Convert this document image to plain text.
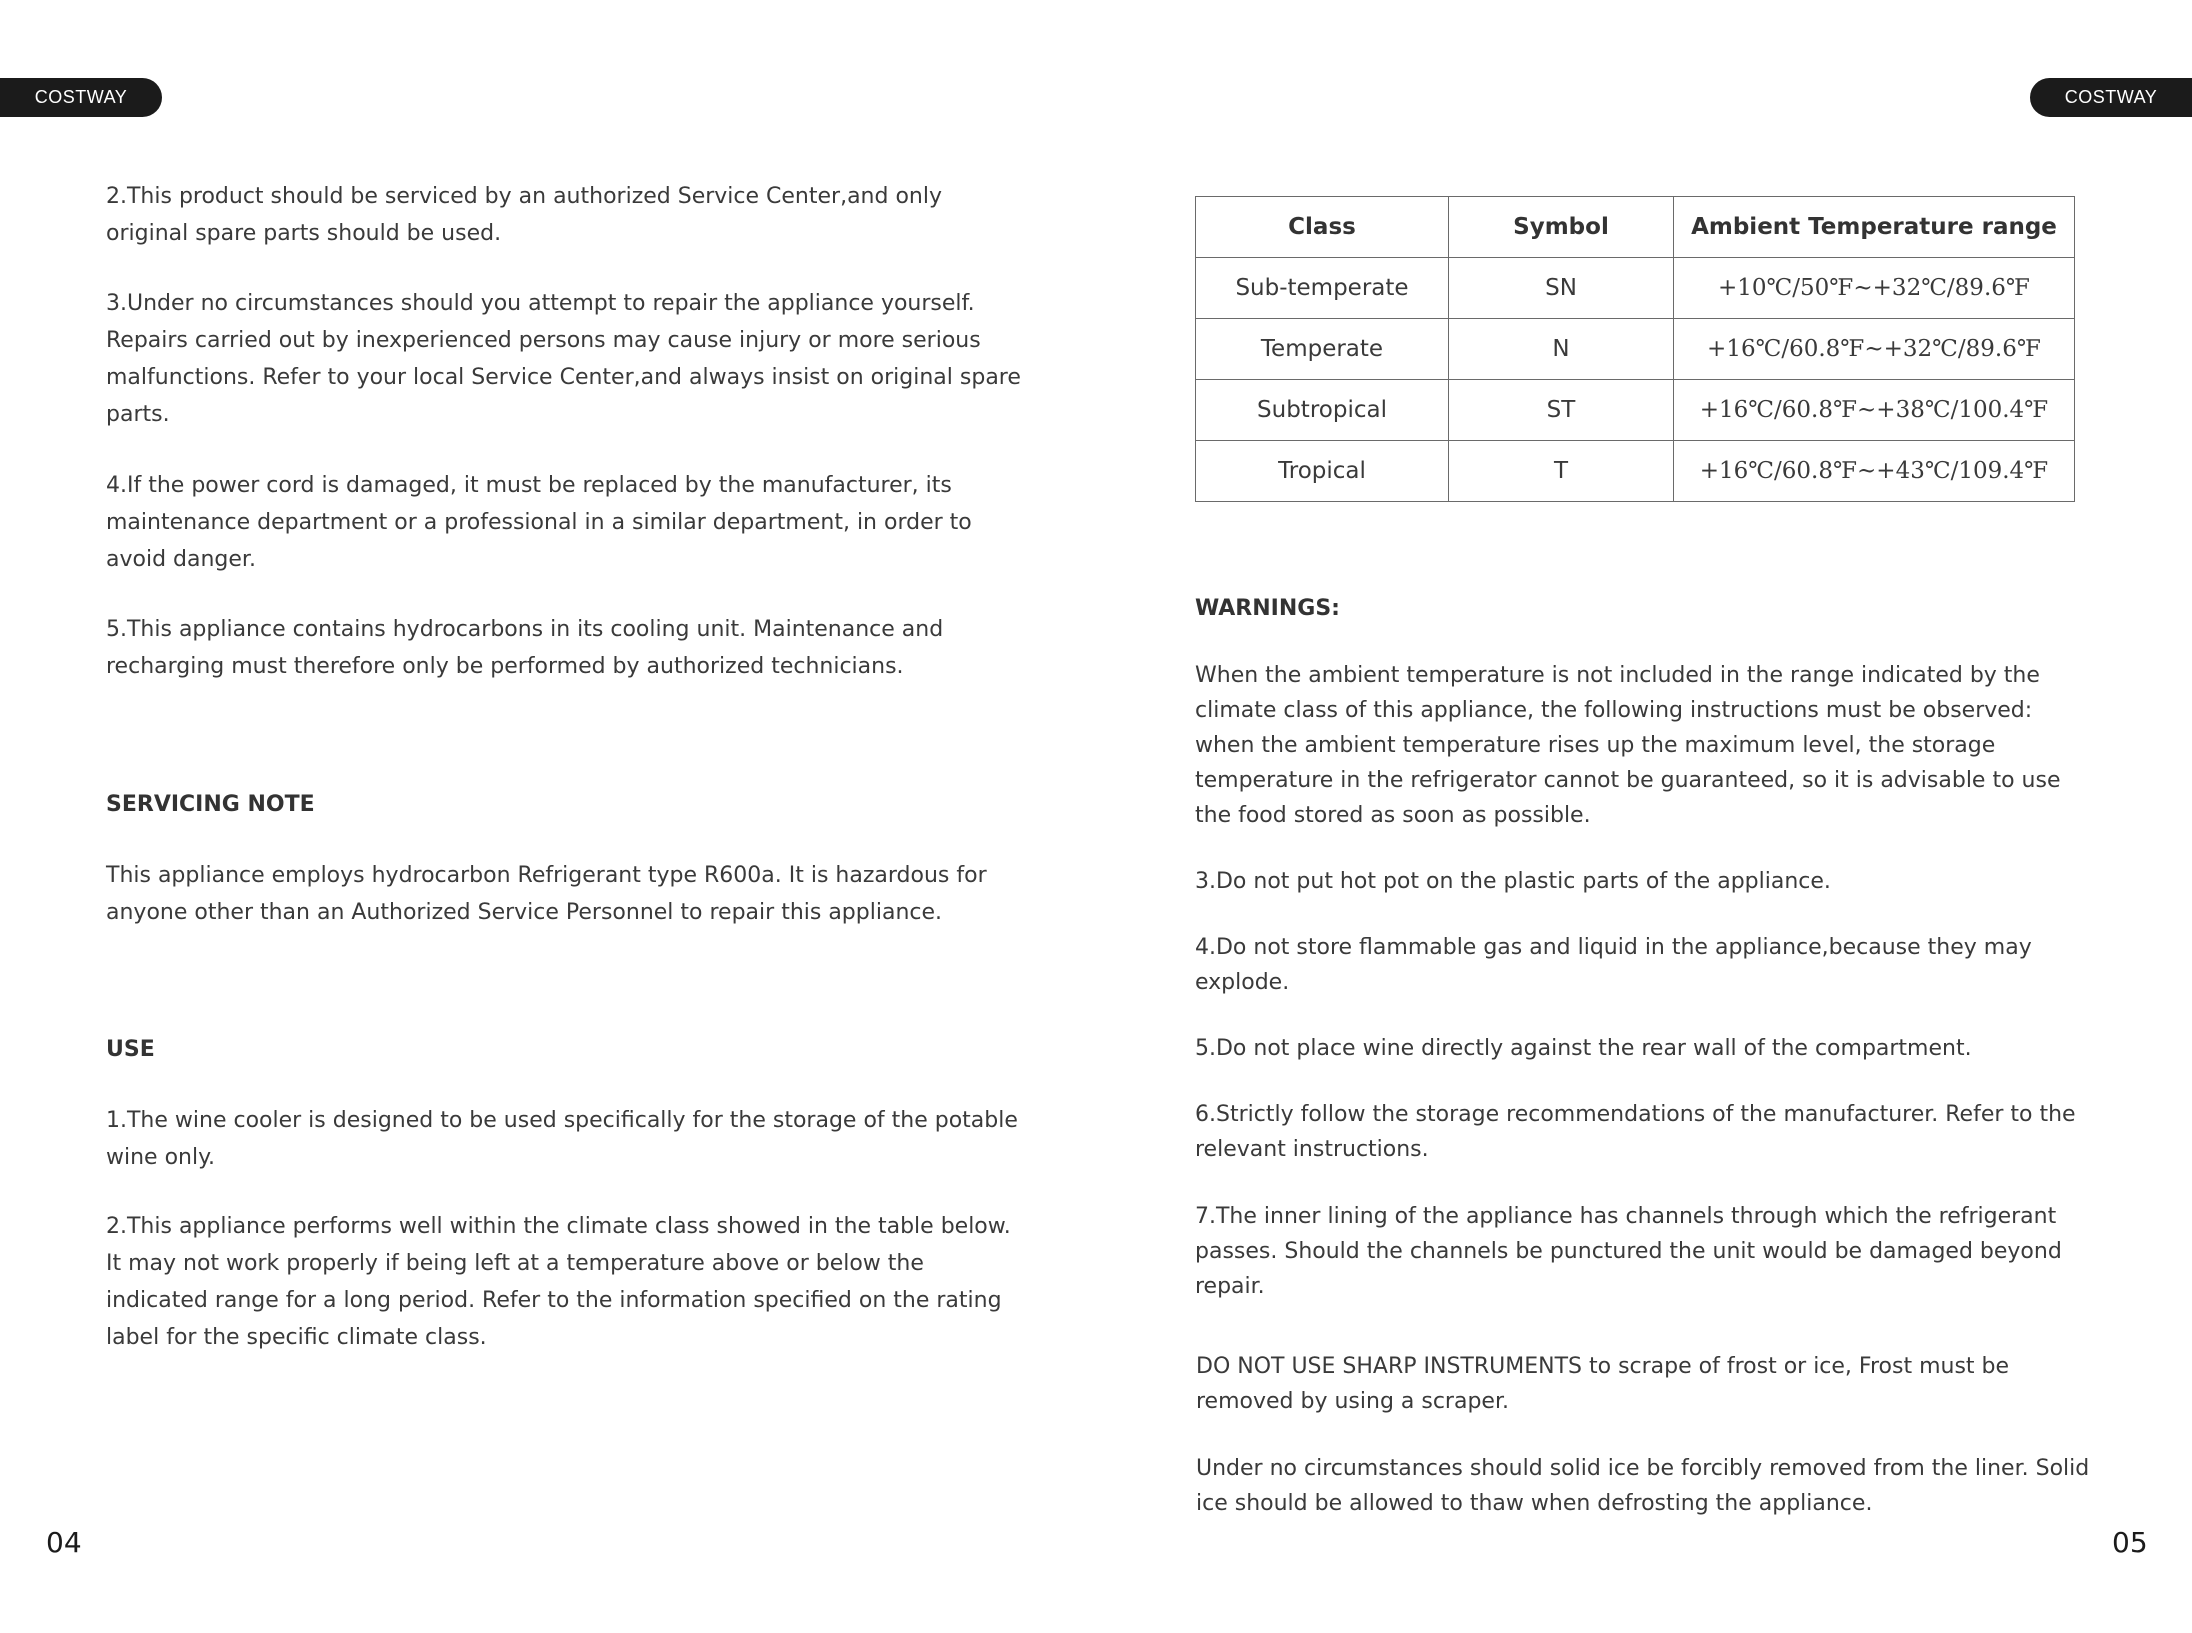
COSTWAY	COSTWAY

2.This product should be serviced by an authorized Service Center,and only original spare parts should be used.

3.Under no circumstances should you attempt to repair the appliance yourself. Repairs carried out by inexperienced persons may cause injury or more serious malfunctions. Refer to your local Service Center,and always insist on original spare parts.

4.If the power cord is damaged, it must be replaced by the manufacturer, its maintenance department or a professional in a similar department, in order to avoid danger.

5.This appliance contains hydrocarbons in its cooling unit. Maintenance and recharging must therefore only be performed by authorized technicians.

SERVICING NOTE

This appliance employs hydrocarbon Refrigerant type R600a. It is hazardous for anyone other than an Authorized Service Personnel to repair this appliance.

USE

1.The wine cooler is designed to be used specifically for the storage of the potable wine only.

2.This appliance performs well within the climate class showed in the table below. It may not work properly if being left at a temperature above or below the indicated range for a long period. Refer to the information specified on the rating label for the specific climate class.

04
Class	Symbol	Ambient Temperature range
Sub-temperate	SN	+10℃/50℉~+32℃/89.6℉
Temperate	N	+16℃/60.8℉~+32℃/89.6℉
Subtropical	ST	+16℃/60.8℉~+38℃/100.4℉
Tropical	T	+16℃/60.8℉~+43℃/109.4℉

WARNINGS:

When the ambient temperature is not included in the range indicated by the climate class of this appliance, the following instructions must be observed: when the ambient temperature rises up the maximum level, the storage temperature in the refrigerator cannot be guaranteed, so it is advisable to use the food stored as soon as possible.

3.Do not put hot pot on the plastic parts of the appliance.

4.Do not store flammable gas and liquid in the appliance,because they may explode.

5.Do not place wine directly against the rear wall of the compartment.

6.Strictly follow the storage recommendations of the manufacturer. Refer to the relevant instructions.

7.The inner lining of the appliance has channels through which the refrigerant passes. Should the channels be punctured the unit would be damaged beyond repair.

DO NOT USE SHARP INSTRUMENTS to scrape of frost or ice, Frost must be removed by using a scraper.

Under no circumstances should solid ice be forcibly removed from the liner. Solid ice should be allowed to thaw when defrosting the appliance.

05
